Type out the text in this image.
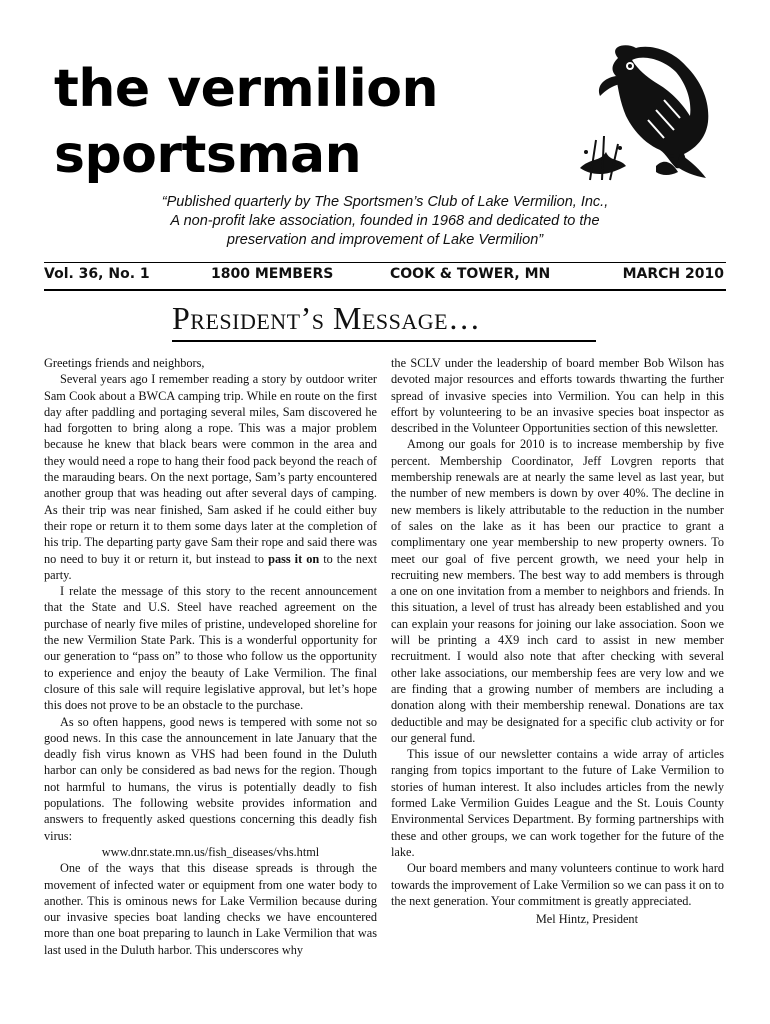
the vermilion
sportsman
“Published quarterly by The Sportsmen’s Club of Lake Vermilion, Inc.,
A non-profit lake association, founded in 1968 and dedicated to the
preservation and improvement of Lake Vermilion”
Vol. 36, No. 1	1800 MEMBERS	COOK & TOWER, MN	MARCH 2010
President’s Message…

Greetings friends and neighbors,

Several years ago I remember reading a story by outdoor writer Sam Cook about a BWCA camping trip. While en route on the first day after paddling and portaging several miles, Sam discovered he had forgotten to bring along a rope. This was a major problem because he knew that black bears were common in the area and they would need a rope to hang their food pack beyond the reach of the marauding bears. On the next portage, Sam’s party encountered another group that was heading out after several days of camping. As their trip was near finished, Sam asked if he could either buy their rope or return it to them some days later at the completion of his trip. The departing party gave Sam their rope and said there was no need to buy it or return it, but instead to pass it on to the next party.

I relate the message of this story to the recent announcement that the State and U.S. Steel have reached agreement on the purchase of nearly five miles of pristine, undeveloped shoreline for the new Vermilion State Park. This is a wonderful opportunity for our generation to “pass on” to those who follow us the opportunity to experience and enjoy the beauty of Lake Vermilion. The final closure of this sale will require legislative approval, but let’s hope this does not prove to be an obstacle to the purchase.

As so often happens, good news is tempered with some not so good news. In this case the announcement in late January that the deadly fish virus known as VHS had been found in the Duluth harbor can only be considered as bad news for the region. Though not harmful to humans, the virus is potentially deadly to fish populations. The following website provides information and answers to frequently asked questions concerning this deadly fish virus:

www.dnr.state.mn.us/fish_diseases/vhs.html

One of the ways that this disease spreads is through the movement of infected water or equipment from one water body to another. This is ominous news for Lake Vermilion because during our invasive species boat landing checks we have encountered more than one boat preparing to launch in Lake Vermilion that was last used in the Duluth harbor. This underscores why

the SCLV under the leadership of board member Bob Wilson has devoted major resources and efforts towards thwarting the further spread of invasive species into Vermilion. You can help in this effort by volunteering to be an invasive species boat inspector as described in the Volunteer Opportunities section of this newsletter.

Among our goals for 2010 is to increase membership by five percent. Membership Coordinator, Jeff Lovgren reports that membership renewals are at nearly the same level as last year, but the number of new members is down by over 40%. The decline in new members is likely attributable to the reduction in the number of sales on the lake as it has been our practice to grant a complimentary one year membership to new property owners. To meet our goal of five percent growth, we need your help in recruiting new members. The best way to add members is through a one on one invitation from a member to neighbors and friends. In this situation, a level of trust has already been established and you can explain your reasons for joining our lake association. Soon we will be printing a 4X9 inch card to assist in new member recruitment. I would also note that after checking with several other lake associations, our membership fees are very low and we are finding that a growing number of members are including a donation along with their membership renewal. Donations are tax deductible and may be designated for a specific club activity or for our general fund.

This issue of our newsletter contains a wide array of articles ranging from topics important to the future of Lake Vermilion to stories of human interest. It also includes articles from the newly formed Lake Vermilion Guides League and the St. Louis County Environmental Services Department. By forming partnerships with these and other groups, we can work together for the future of the lake.

Our board members and many volunteers continue to work hard towards the improvement of Lake Vermilion so we can pass it on to the next generation. Your commitment is greatly appreciated.

Mel Hintz, President
